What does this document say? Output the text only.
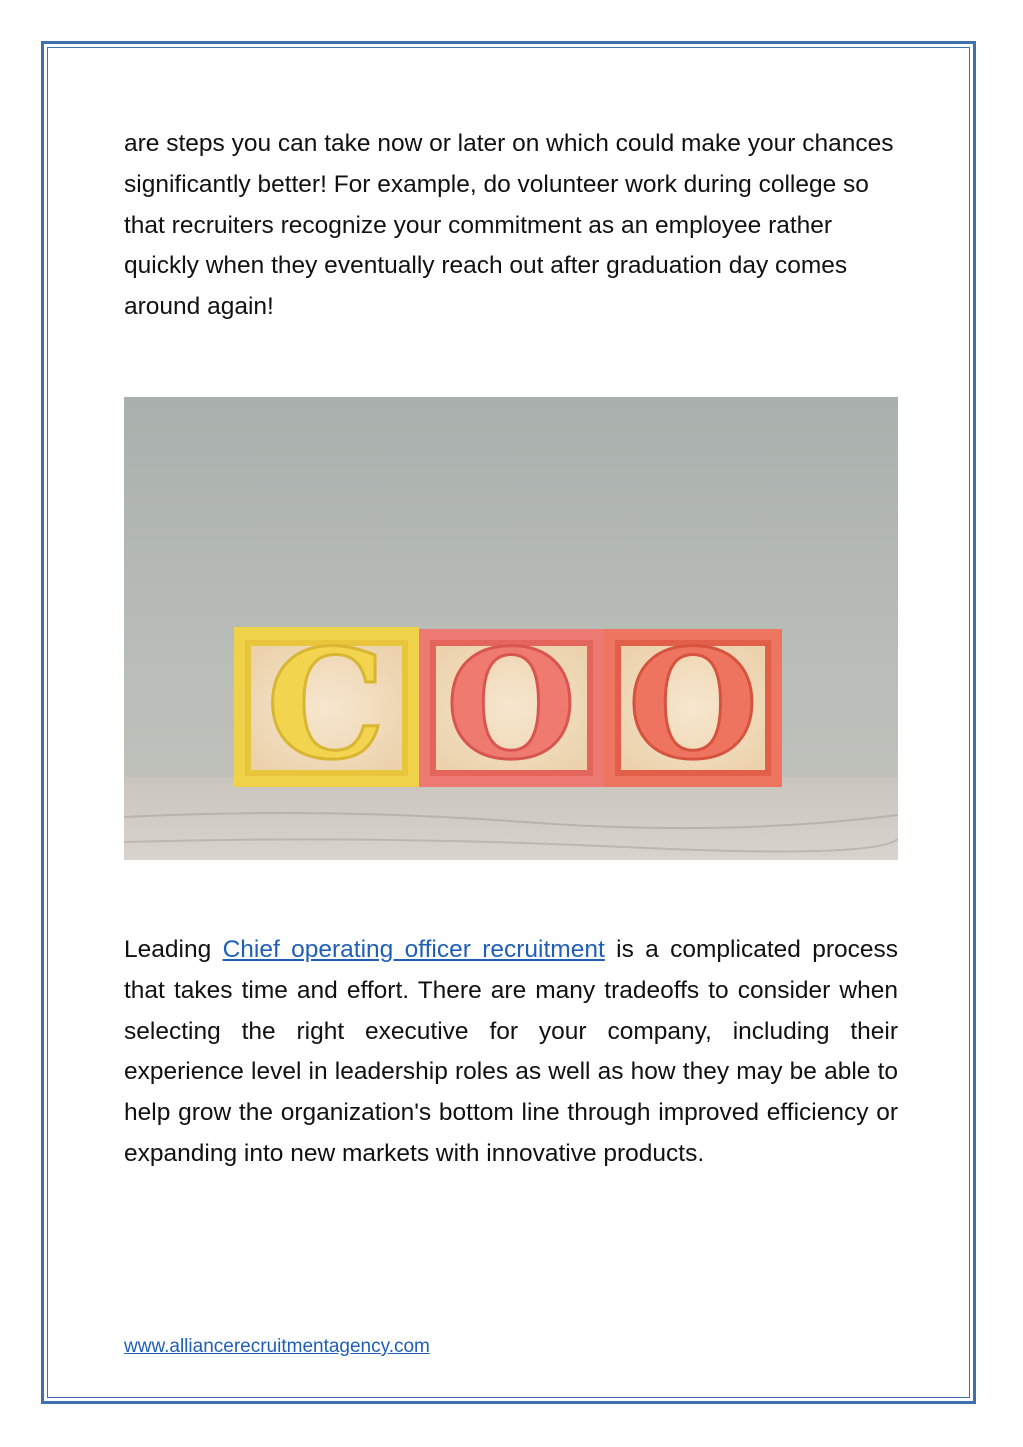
are steps you can take now or later on which could make your chances significantly better! For example, do volunteer work during college so that recruiters recognize your commitment as an employee rather quickly when they eventually reach out after graduation day comes around again!

C O O

Leading Chief operating officer recruitment is a complicated process that takes time and effort. There are many tradeoffs to consider when selecting the right executive for your company, including their experience level in leadership roles as well as how they may be able to help grow the organization's bottom line through improved efficiency or expanding into new markets with innovative products.

www.alliancerecruitmentagency.com
